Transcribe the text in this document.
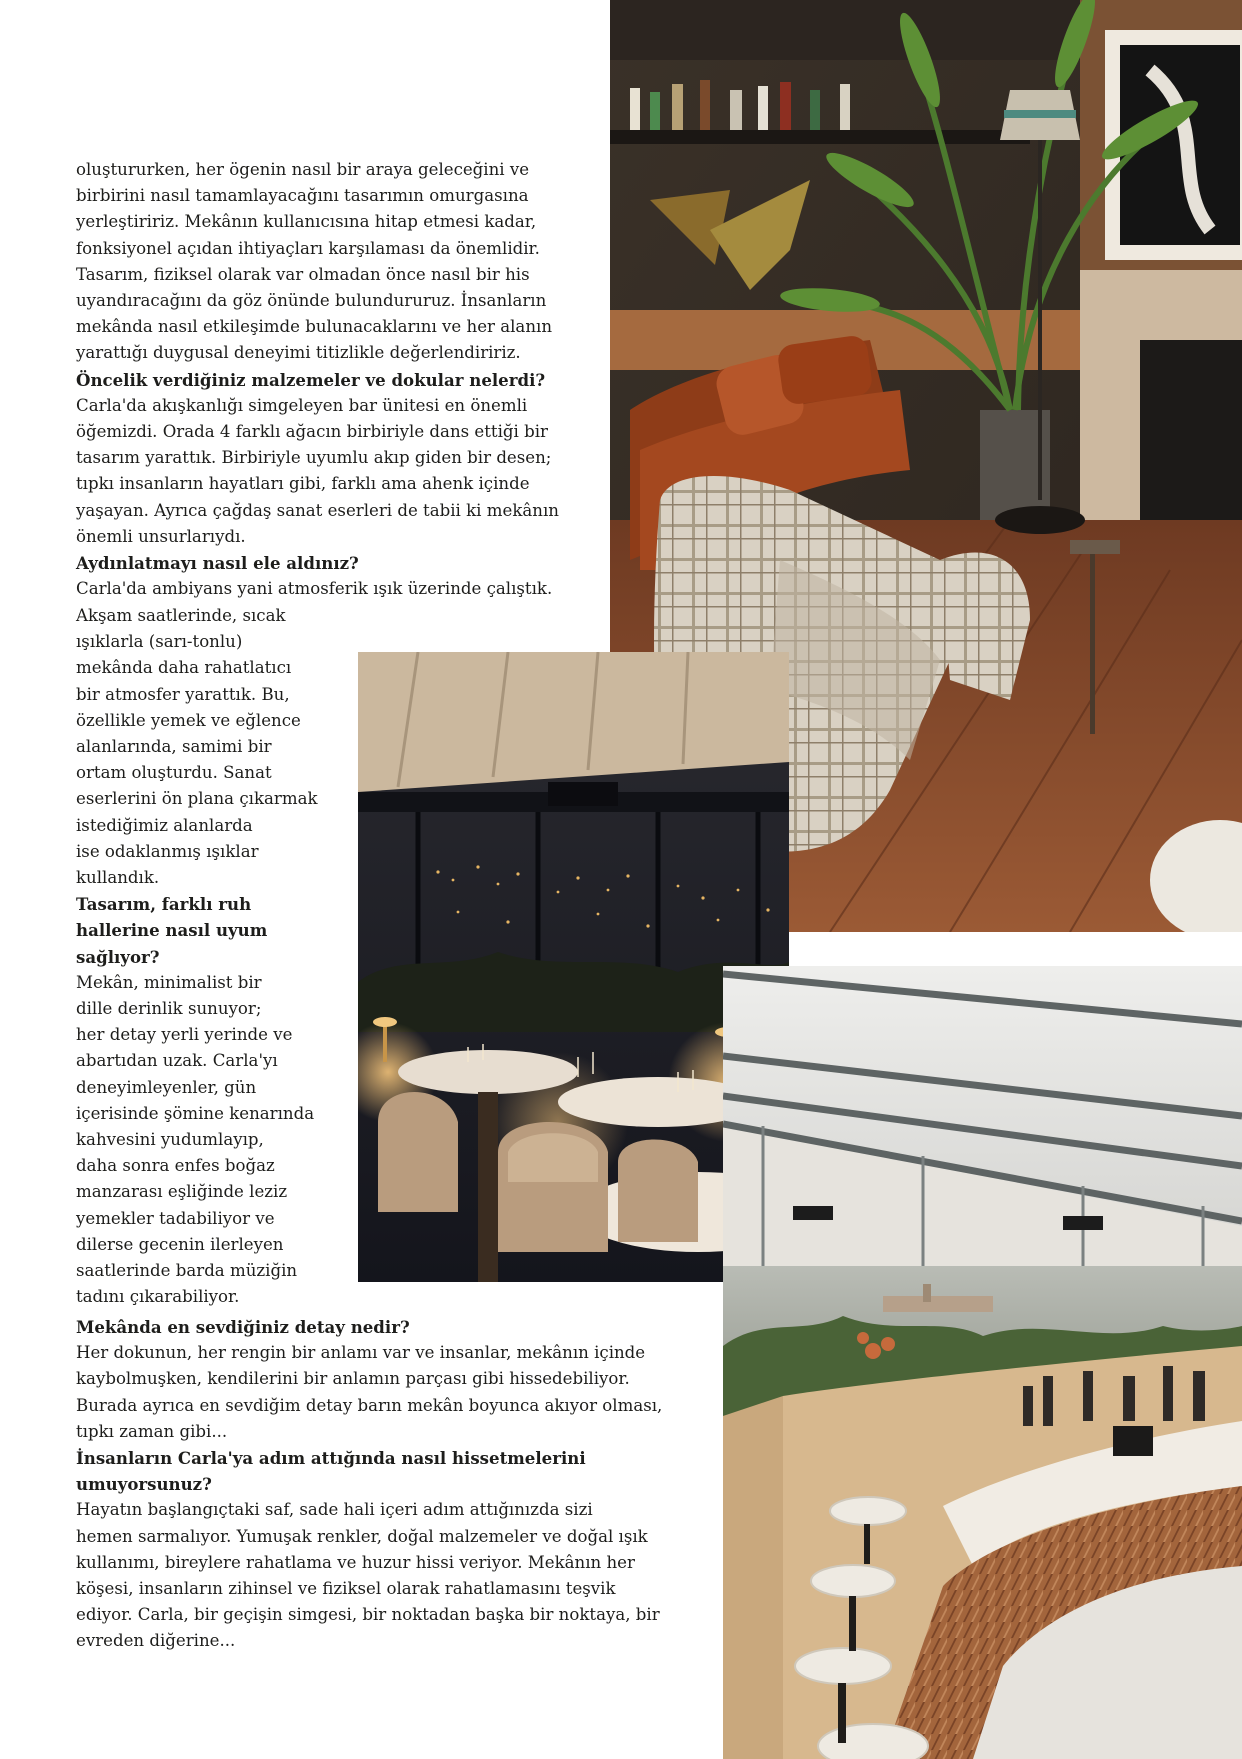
oluştururken, her ögenin nasıl bir araya geleceğini ve

birbirini nasıl tamamlayacağını tasarımın omurgasına

yerleştiririz. Mekânın kullanıcısına hitap etmesi kadar,

fonksiyonel açıdan ihtiyaçları karşılaması da önemlidir.

Tasarım, fiziksel olarak var olmadan önce nasıl bir his

uyandıracağını da göz önünde bulundururuz. İnsanların

mekânda nasıl etkileşimde bulunacaklarını ve her alanın

yarattığı duygusal deneyimi titizlikle değerlendiririz.

Öncelik verdiğiniz malzemeler ve dokular nelerdi?

Carla'da akışkanlığı simgeleyen bar ünitesi en önemli

öğemizdi. Orada 4 farklı ağacın birbiriyle dans ettiği bir

tasarım yarattık. Birbiriyle uyumlu akıp giden bir desen;

tıpkı insanların hayatları gibi, farklı ama ahenk içinde

yaşayan. Ayrıca çağdaş sanat eserleri de tabii ki mekânın

önemli unsurlarıydı.

Aydınlatmayı nasıl ele aldınız?

Carla'da ambiyans yani atmosferik ışık üzerinde çalıştık.

Akşam saatlerinde, sıcak

ışıklarla (sarı-tonlu)

mekânda daha rahatlatıcı

bir atmosfer yarattık. Bu,

özellikle yemek ve eğlence

alanlarında, samimi bir

ortam oluşturdu. Sanat

eserlerini ön plana çıkarmak

istediğimiz alanlarda

ise odaklanmış ışıklar

kullandık.

Tasarım, farklı ruh
hallerine nasıl uyum
sağlıyor?

Mekân, minimalist bir

dille derinlik sunuyor;

her detay yerli yerinde ve

abartıdan uzak. Carla'yı

deneyimleyenler, gün

içerisinde şömine kenarında

kahvesini yudumlayıp,

daha sonra enfes boğaz

manzarası eşliğinde leziz

yemekler tadabiliyor ve

dilerse gecenin ilerleyen

saatlerinde barda müziğin

tadını çıkarabiliyor.

Mekânda en sevdiğiniz detay nedir?

Her dokunun, her rengin bir anlamı var ve insanlar, mekânın içinde

kaybolmuşken, kendilerini bir anlamın parçası gibi hissedebiliyor.

Burada ayrıca en sevdiğim detay barın mekân boyunca akıyor olması,

tıpkı zaman gibi...

İnsanların Carla'ya adım attığında nasıl hissetmelerini
umuyorsunuz?

Hayatın başlangıçtaki saf, sade hali içeri adım attığınızda sizi

hemen sarmalıyor. Yumuşak renkler, doğal malzemeler ve doğal ışık

kullanımı, bireylere rahatlama ve huzur hissi veriyor. Mekânın her

köşesi, insanların zihinsel ve fiziksel olarak rahatlamasını teşvik

ediyor. Carla, bir geçişin simgesi, bir noktadan başka bir noktaya, bir

evreden diğerine...
